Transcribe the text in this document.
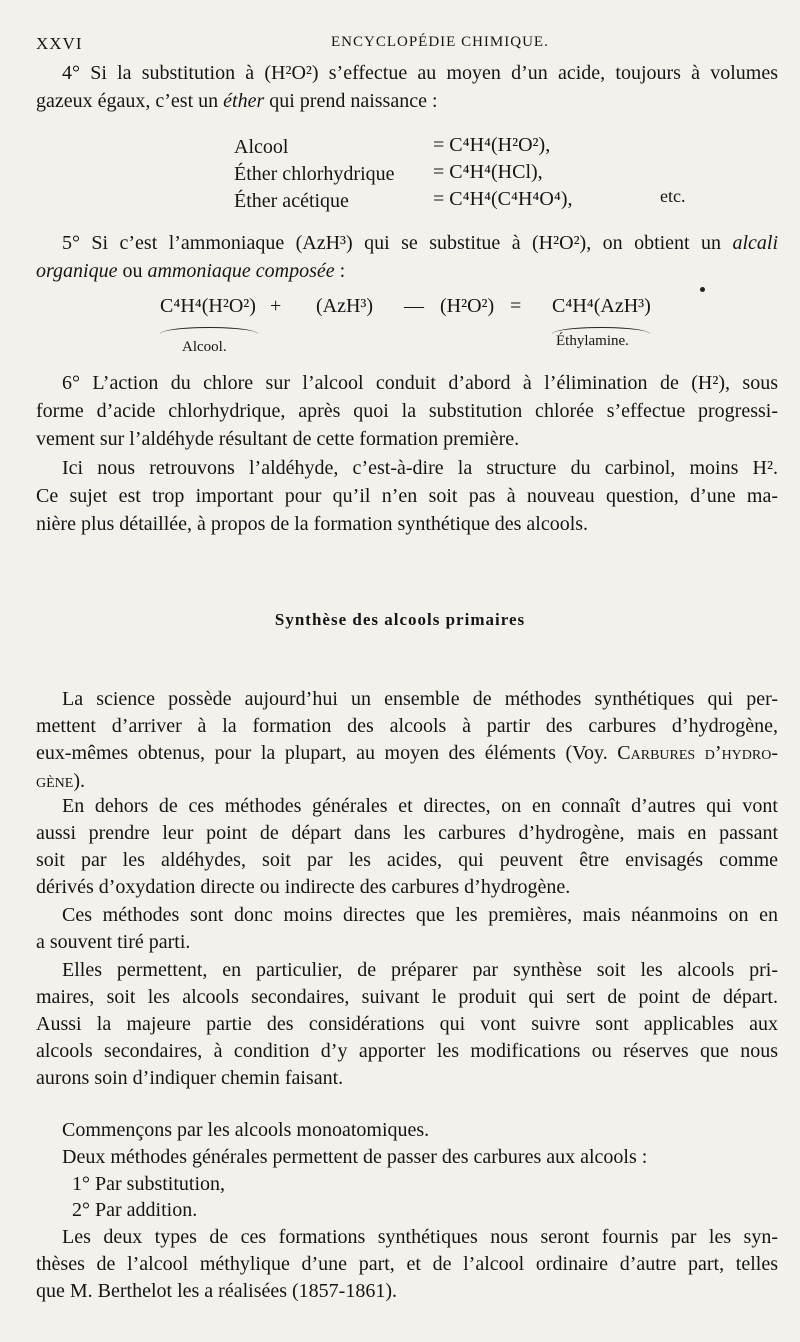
XXVI	ENCYCLOPÉDIE CHIMIQUE.
4° Si la substitution à (H²O²) s’effectue au moyen d’un acide, toujours à volumes
gazeux égaux, c’est un éther qui prend naissance :
Alcool	= C⁴H⁴(H²O²),
Éther chlorhydrique = C⁴H⁴(HCl),
Éther acétique	= C⁴H⁴(C⁴H⁴O⁴),	etc.
5° Si c’est l’ammoniaque (AzH³) qui se substitue à (H²O²), on obtient un alcali
organique ou ammoniaque composée :
C⁴H⁴(H²O²) + (AzH³) — (H²O²) = C⁴H⁴(AzH³)
Alcool.	Éthylamine.
6° L’action du chlore sur l’alcool conduit d’abord à l’élimination de (H²), sous
forme d’acide chlorhydrique, après quoi la substitution chlorée s’effectue progressi-
vement sur l’aldéhyde résultant de cette formation première.
Ici nous retrouvons l’aldéhyde, c’est-à-dire la structure du carbinol, moins H².
Ce sujet est trop important pour qu’il n’en soit pas à nouveau question, d’une ma-
nière plus détaillée, à propos de la formation synthétique des alcools.
Synthèse des alcools primaires
La science possède aujourd’hui un ensemble de méthodes synthétiques qui per-
mettent d’arriver à la formation des alcools à partir des carbures d’hydrogène,
eux-mêmes obtenus, pour la plupart, au moyen des éléments (Voy. Carbures d’hydro-
gène).
En dehors de ces méthodes générales et directes, on en connaît d’autres qui vont
aussi prendre leur point de départ dans les carbures d’hydrogène, mais en passant
soit par les aldéhydes, soit par les acides, qui peuvent être envisagés comme
dérivés d’oxydation directe ou indirecte des carbures d’hydrogène.
Ces méthodes sont donc moins directes que les premières, mais néanmoins on en
a souvent tiré parti.
Elles permettent, en particulier, de préparer par synthèse soit les alcools pri-
maires, soit les alcools secondaires, suivant le produit qui sert de point de départ.
Aussi la majeure partie des considérations qui vont suivre sont applicables aux
alcools secondaires, à condition d’y apporter les modifications ou réserves que nous
aurons soin d’indiquer chemin faisant.
Commençons par les alcools monoatomiques.
Deux méthodes générales permettent de passer des carbures aux alcools :
1° Par substitution,
2° Par addition.
Les deux types de ces formations synthétiques nous seront fournis par les syn-
thèses de l’alcool méthylique d’une part, et de l’alcool ordinaire d’autre part, telles
que M. Berthelot les a réalisées (1857-1861).
